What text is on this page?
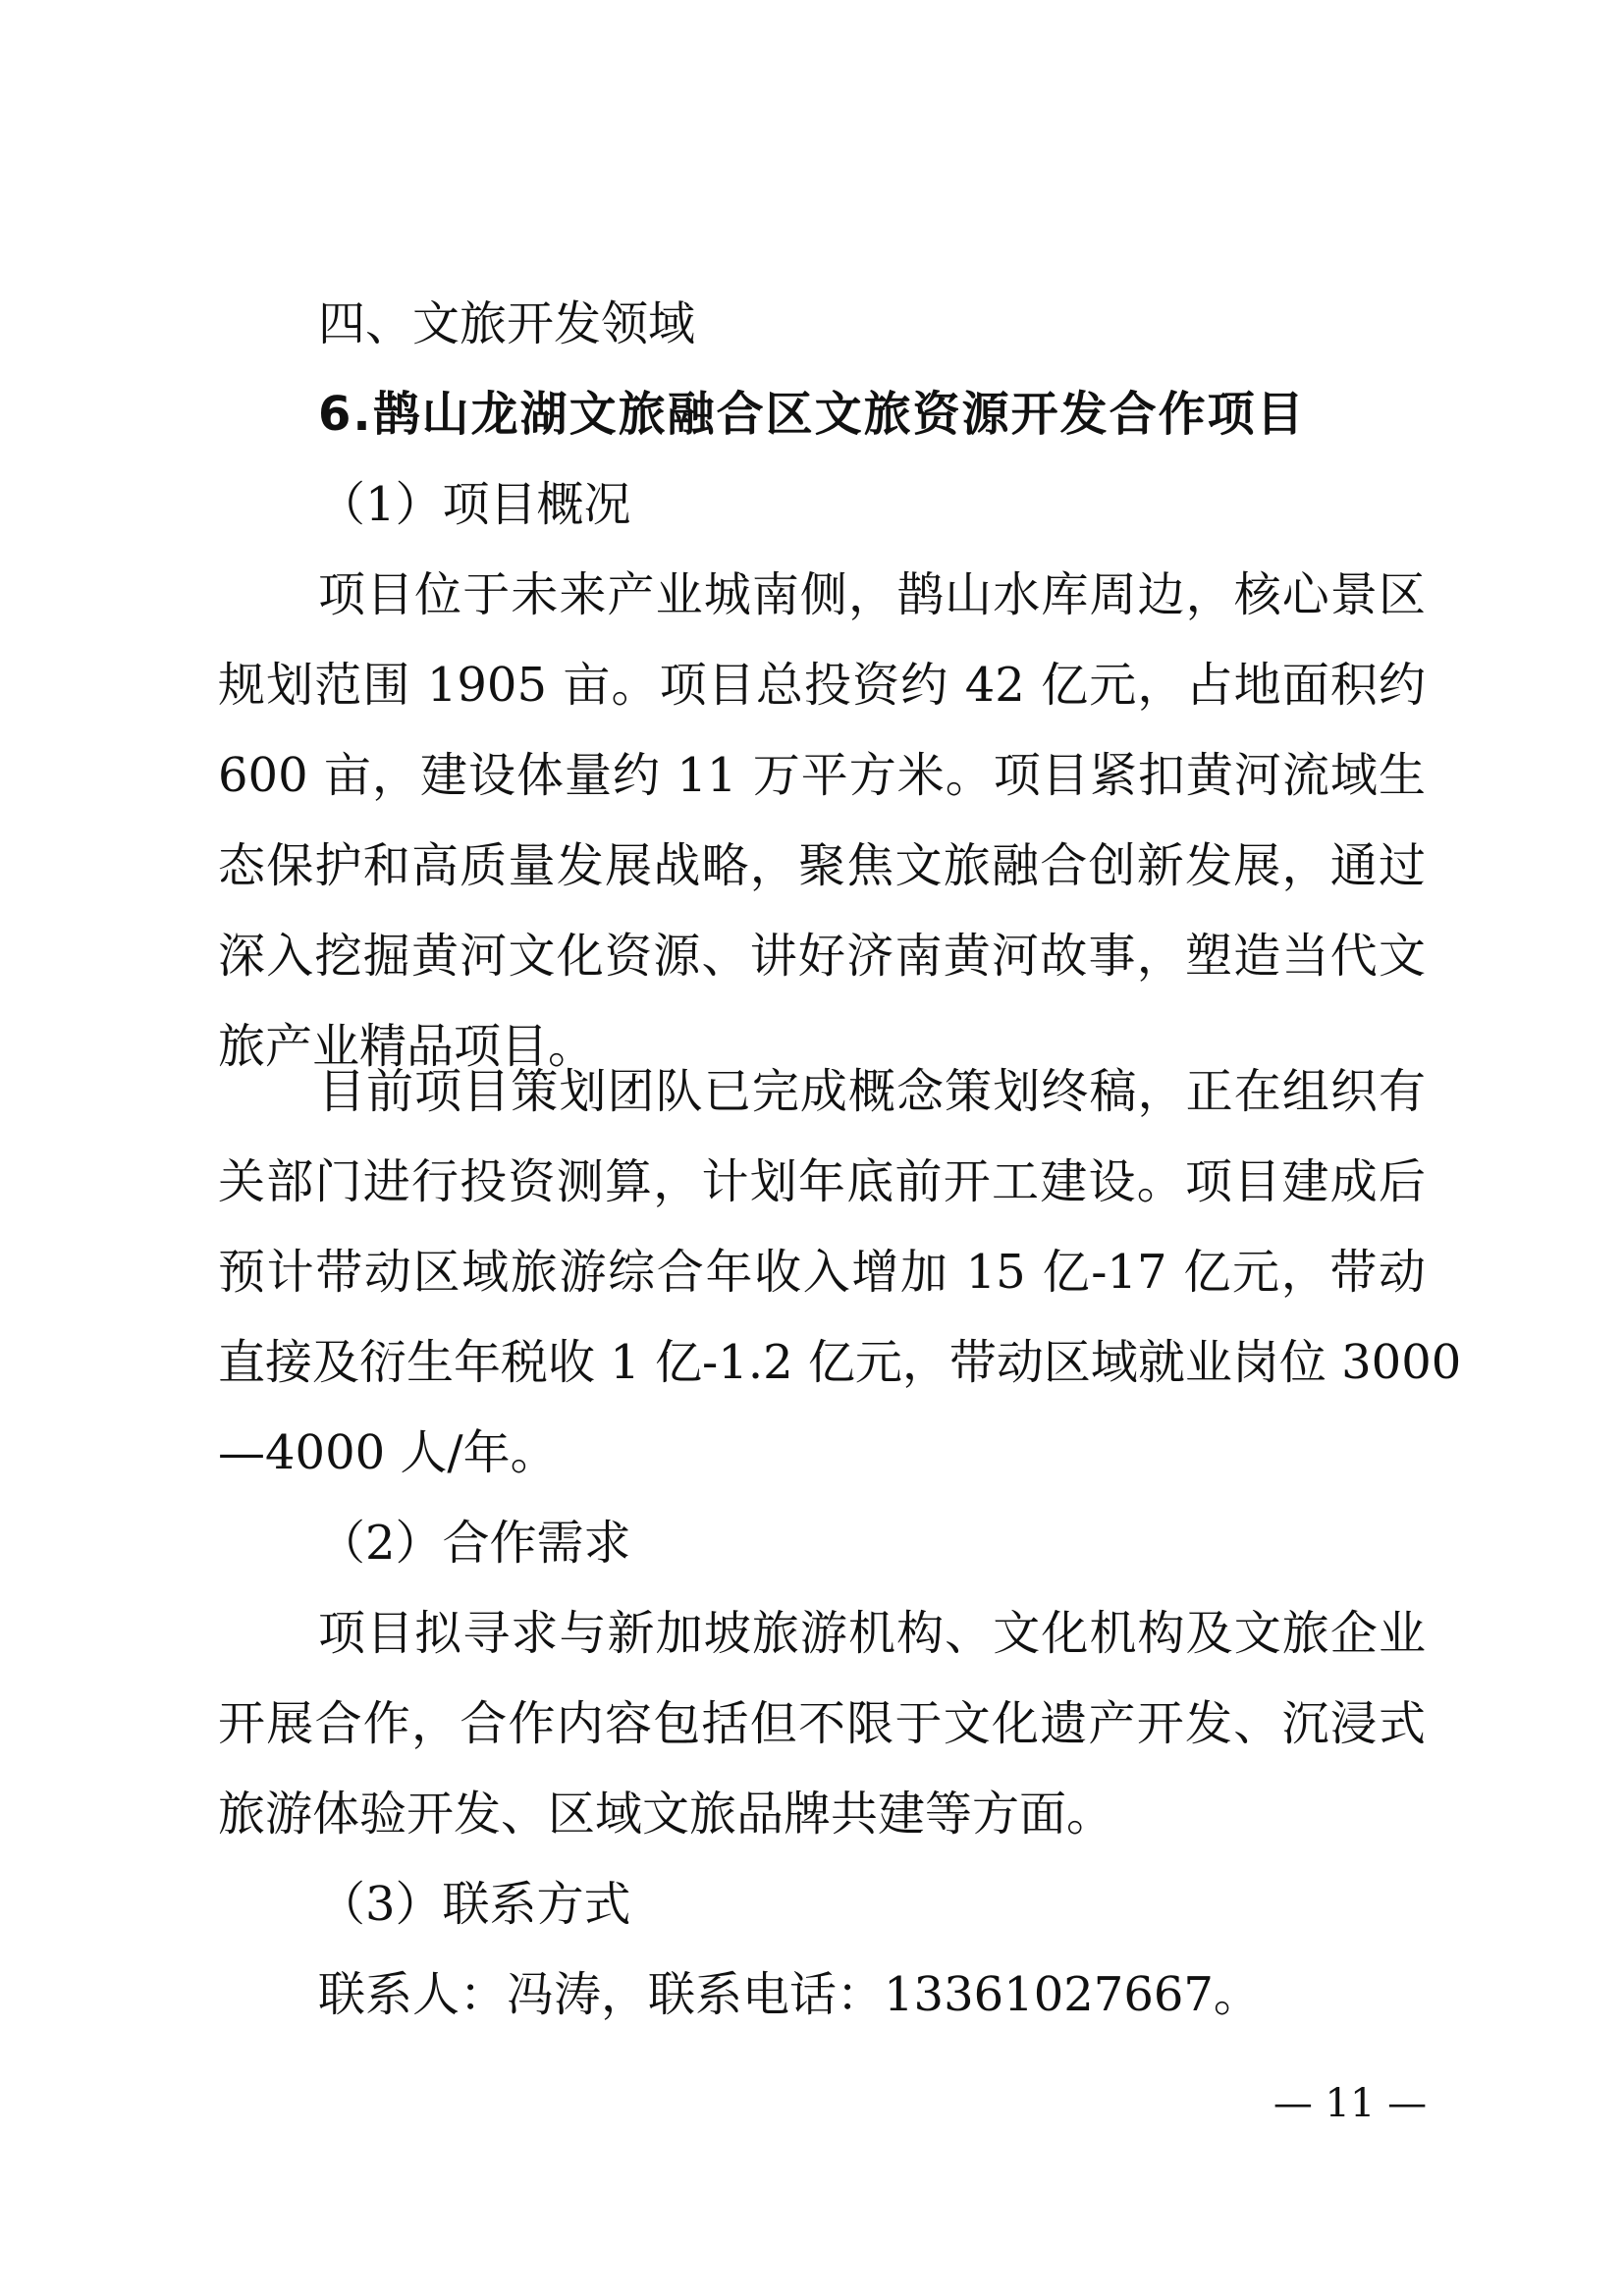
四、文旅开发领域
6.鹊山龙湖文旅融合区文旅资源开发合作项目
（1）项目概况
项目位于未来产业城南侧，鹊山水库周边，核心景区
规划范围 1905 亩。项目总投资约 42 亿元，占地面积约
600 亩，建设体量约 11 万平方米。项目紧扣黄河流域生
态保护和高质量发展战略，聚焦文旅融合创新发展，通过
深入挖掘黄河文化资源、讲好济南黄河故事，塑造当代文
旅产业精品项目。
目前项目策划团队已完成概念策划终稿，正在组织有
关部门进行投资测算，计划年底前开工建设。项目建成后
预计带动区域旅游综合年收入增加 15 亿-17 亿元，带动
直接及衍生年税收 1 亿-1.2 亿元，带动区域就业岗位 3000
—4000 人/年。
（2）合作需求
项目拟寻求与新加坡旅游机构、文化机构及文旅企业
开展合作，合作内容包括但不限于文化遗产开发、沉浸式
旅游体验开发、区域文旅品牌共建等方面。
（3）联系方式
联系人：冯涛，联系电话：13361027667。
— 11 —
